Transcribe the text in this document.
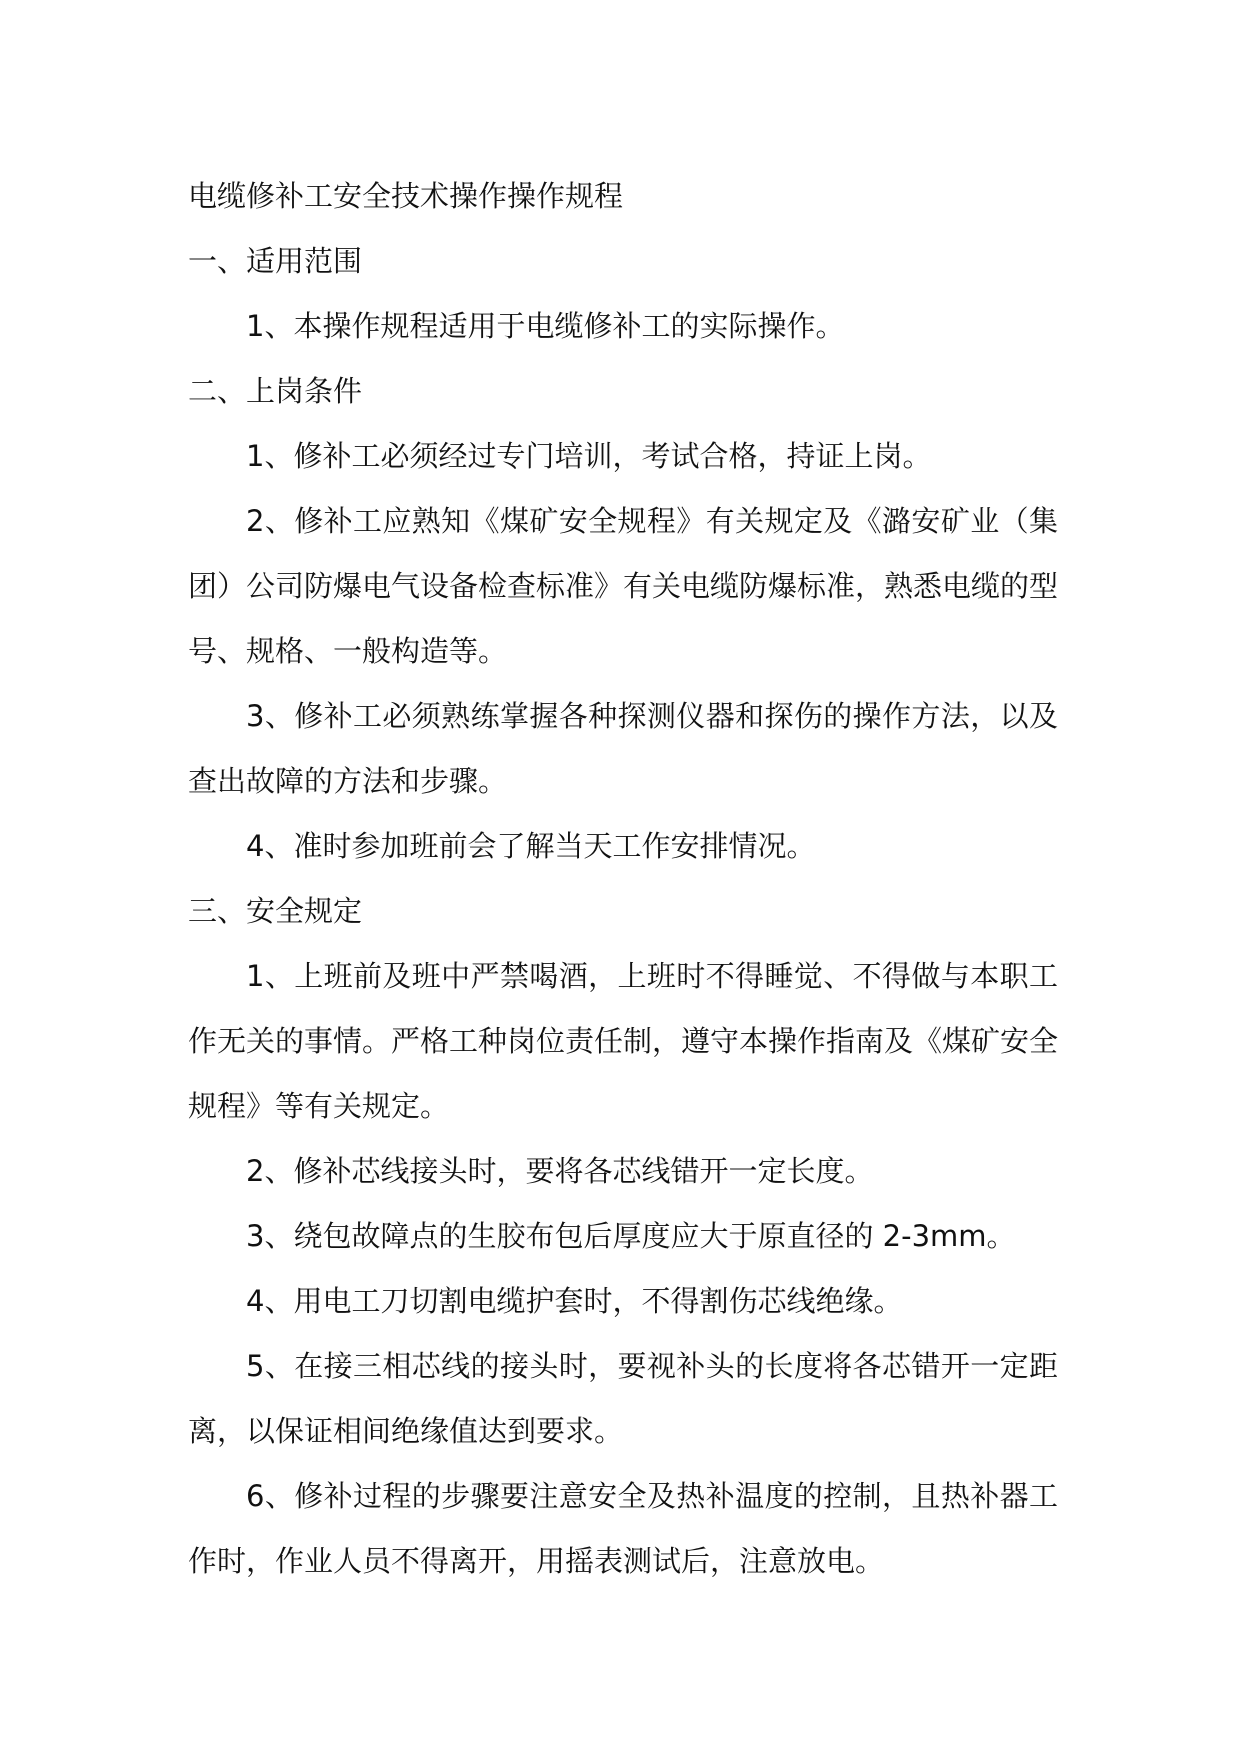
电缆修补工安全技术操作操作规程

一、适用范围

1、本操作规程适用于电缆修补工的实际操作。

二、上岗条件

1、修补工必须经过专门培训，考试合格，持证上岗。

2、修补工应熟知《煤矿安全规程》有关规定及《潞安矿业（集团）公司防爆电气设备检查标准》有关电缆防爆标准，熟悉电缆的型号、规格、一般构造等。

3、修补工必须熟练掌握各种探测仪器和探伤的操作方法，以及查出故障的方法和步骤。

4、准时参加班前会了解当天工作安排情况。

三、安全规定

1、上班前及班中严禁喝酒，上班时不得睡觉、不得做与本职工作无关的事情。严格工种岗位责任制，遵守本操作指南及《煤矿安全规程》等有关规定。

2、修补芯线接头时，要将各芯线错开一定长度。

3、绕包故障点的生胶布包后厚度应大于原直径的 2-3mm。

4、用电工刀切割电缆护套时，不得割伤芯线绝缘。

5、在接三相芯线的接头时，要视补头的长度将各芯错开一定距离，以保证相间绝缘值达到要求。

6、修补过程的步骤要注意安全及热补温度的控制，且热补器工作时，作业人员不得离开，用摇表测试后，注意放电。
